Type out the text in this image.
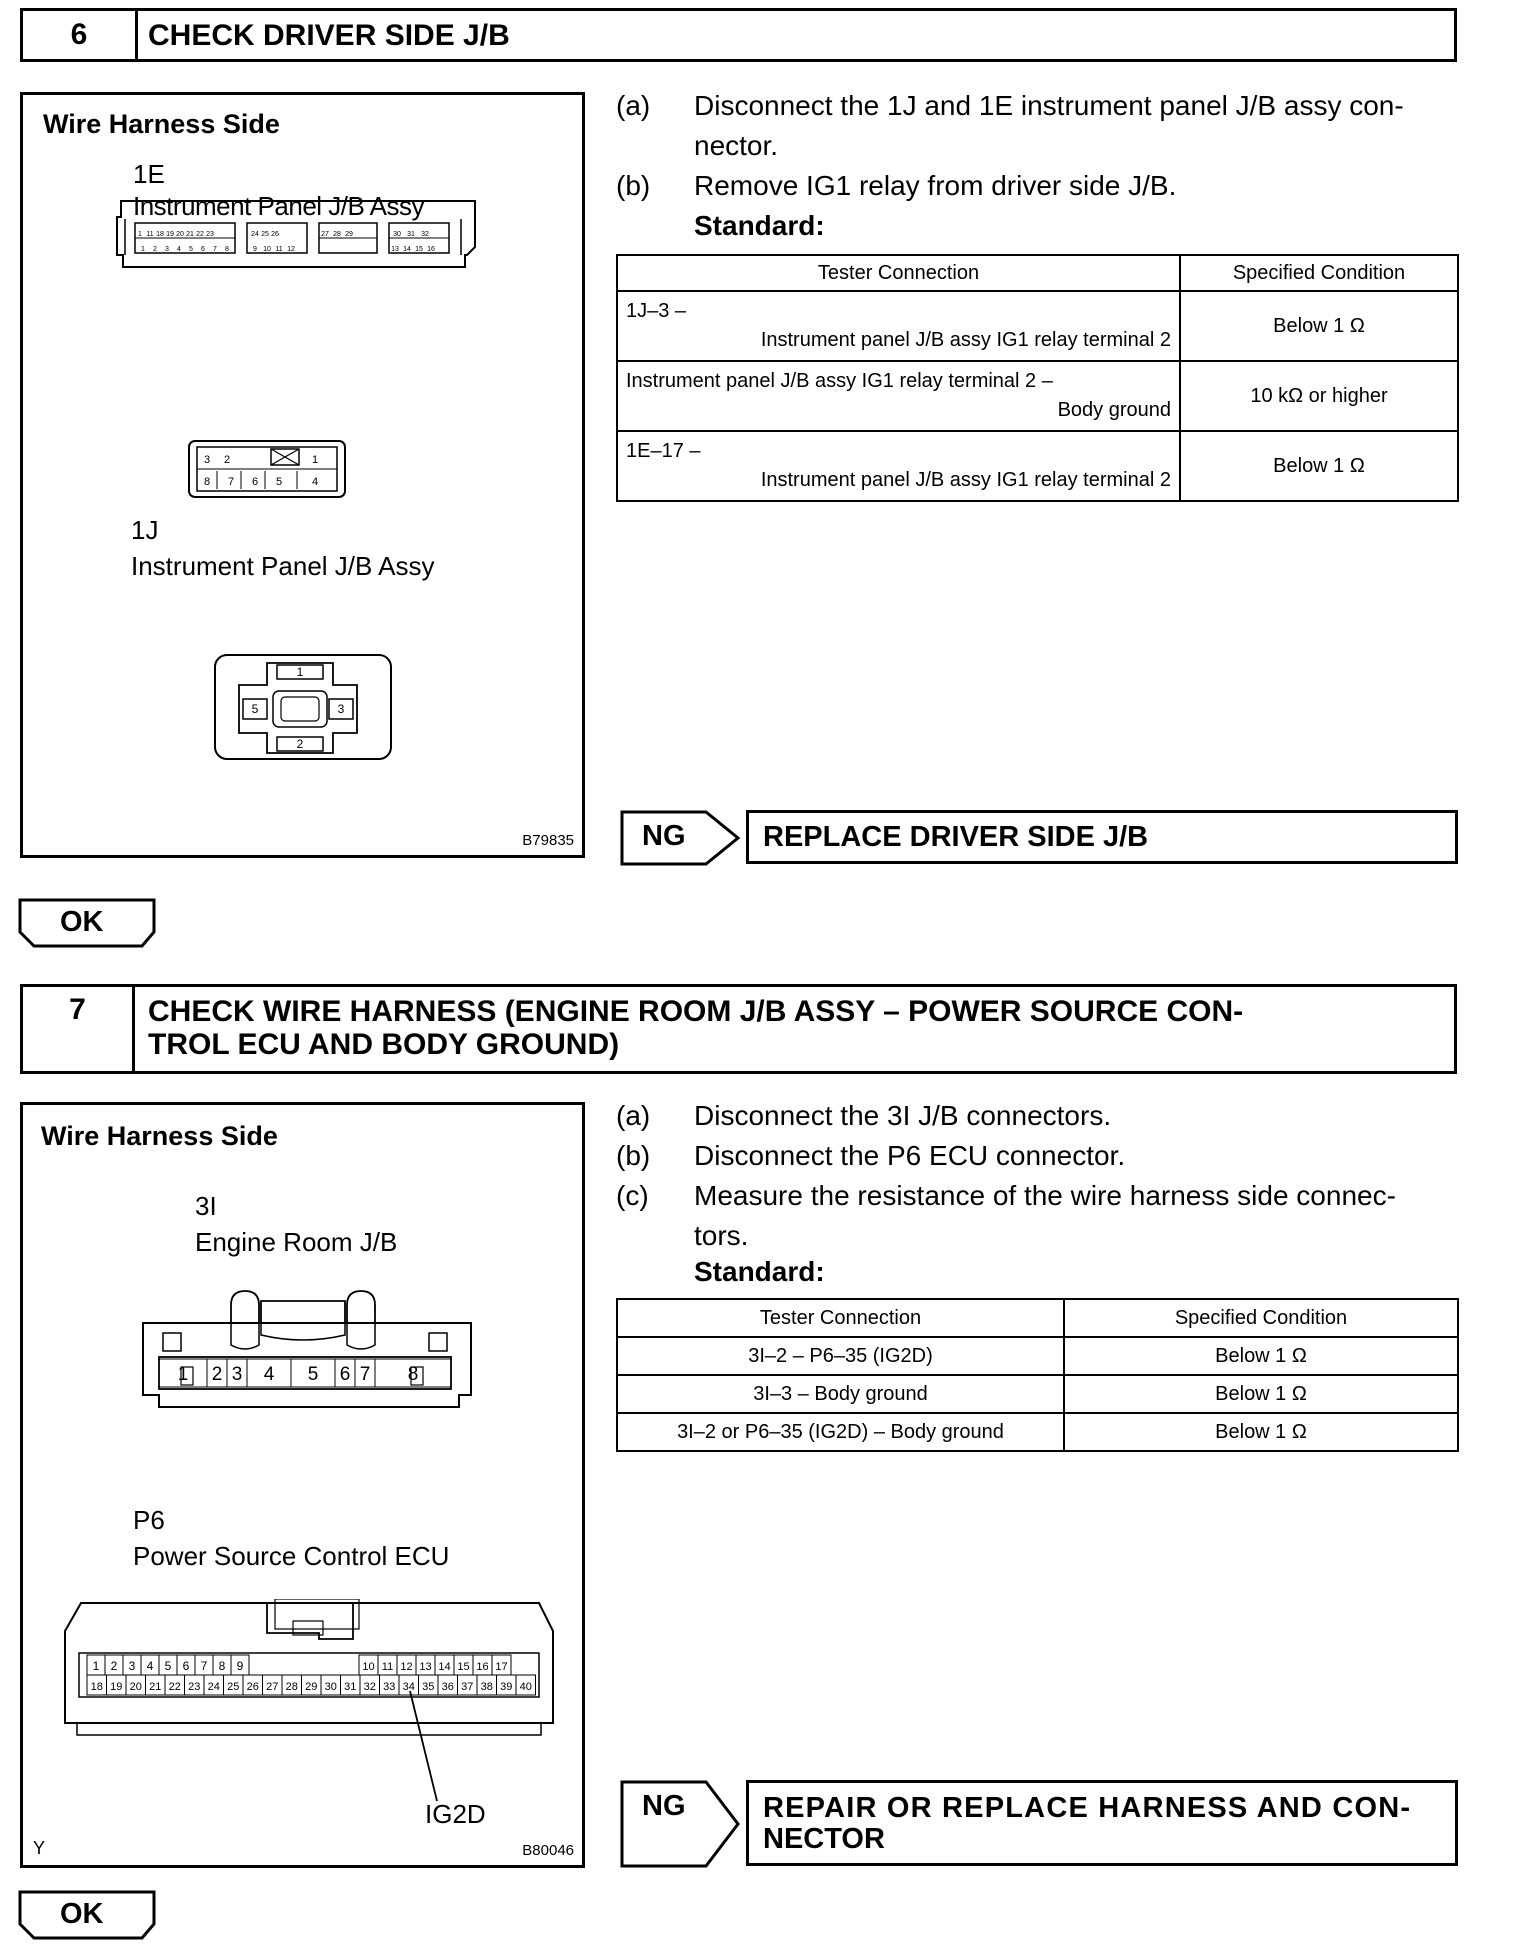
6	CHECK DRIVER SIDE J/B
Wire Harness Side
1E
1 11 18 19 20 21 22 23	24 25 26	27 28 29	30 31 32
1 2 3 4 5 6 7 8	9 10 11 12	13 14 15 16
Instrument Panel J/B Assy
3 2	1
8 7 6 5	4
1J
Instrument Panel J/B Assy
1
5	3
2
B79835
(a) Disconnect the 1J and 1E instrument panel J/B assy con-
nector.
(b) Remove IG1 relay from driver side J/B.
Standard:
Tester Connection	Specified Condition

1J–3 –
Instrument panel J/B assy IG1 relay terminal 2	Below 1 Ω

Instrument panel J/B assy IG1 relay terminal 2 –
Body ground	10 kΩ or higher

1E–17 –
Instrument panel J/B assy IG1 relay terminal 2	Below 1 Ω
NG	REPLACE DRIVER SIDE J/B
OK
7	CHECK WIRE HARNESS (ENGINE ROOM J/B ASSY – POWER SOURCE CON-
TROL ECU AND BODY GROUND)
Wire Harness Side
3I
Engine Room J/B
1 2 3 4 5 6 7 8
P6
Power Source Control ECU
1 2 3 4 5 6 7 8 9	10 11 12 13 14 15 16 17
18 19 20 21 22 23 24 25 26 27 28 29 30 31 32 33 34 35 36 37 38 39 40
IG2D
Y	B80046
(a) Disconnect the 3I J/B connectors.
(b) Disconnect the P6 ECU connector.
(c) Measure the resistance of the wire harness side connec-
tors.
Standard:
Tester Connection	Specified Condition
3I–2 – P6–35 (IG2D)	Below 1 Ω
3I–3 – Body ground	Below 1 Ω
3I–2 or P6–35 (IG2D) – Body ground	Below 1 Ω
NG	REPAIR OR REPLACE HARNESS AND CON-
NECTOR
OK
